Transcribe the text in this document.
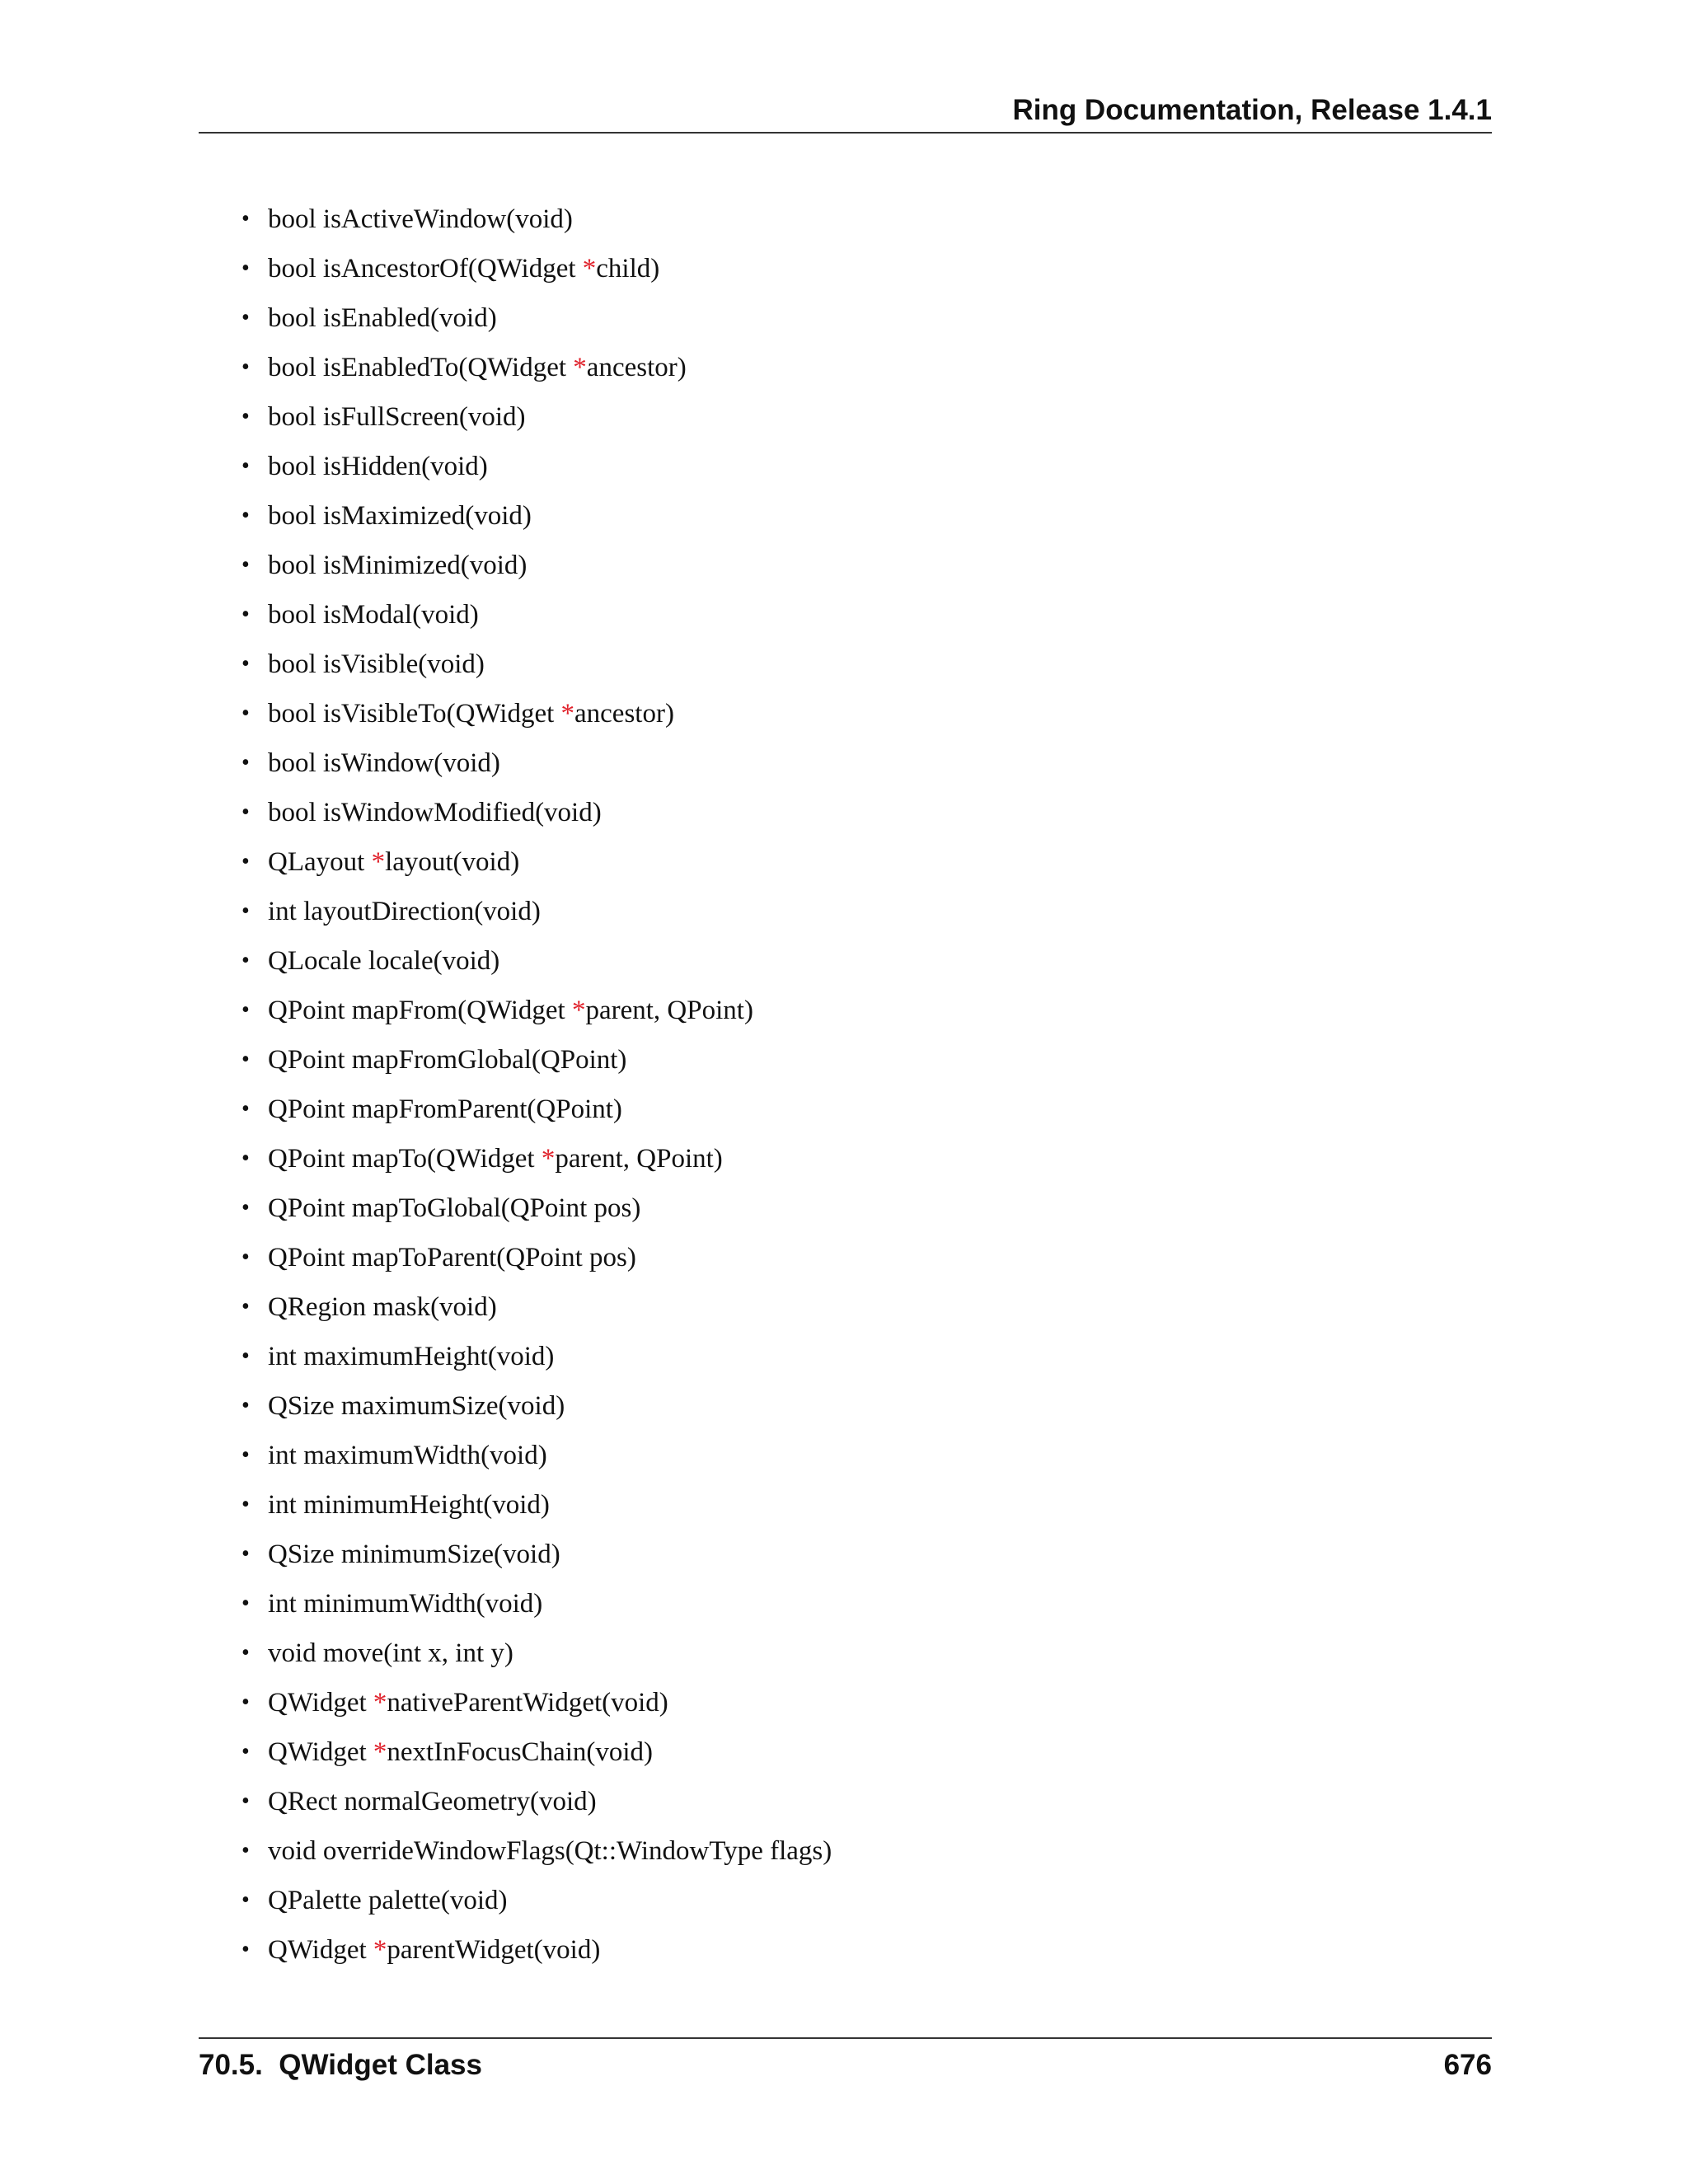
Ring Documentation, Release 1.4.1
• bool isActiveWindow(void)
• bool isAncestorOf(QWidget *child)
• bool isEnabled(void)
• bool isEnabledTo(QWidget *ancestor)
• bool isFullScreen(void)
• bool isHidden(void)
• bool isMaximized(void)
• bool isMinimized(void)
• bool isModal(void)
• bool isVisible(void)
• bool isVisibleTo(QWidget *ancestor)
• bool isWindow(void)
• bool isWindowModified(void)
• QLayout *layout(void)
• int layoutDirection(void)
• QLocale locale(void)
• QPoint mapFrom(QWidget *parent, QPoint)
• QPoint mapFromGlobal(QPoint)
• QPoint mapFromParent(QPoint)
• QPoint mapTo(QWidget *parent, QPoint)
• QPoint mapToGlobal(QPoint pos)
• QPoint mapToParent(QPoint pos)
• QRegion mask(void)
• int maximumHeight(void)
• QSize maximumSize(void)
• int maximumWidth(void)
• int minimumHeight(void)
• QSize minimumSize(void)
• int minimumWidth(void)
• void move(int x, int y)
• QWidget *nativeParentWidget(void)
• QWidget *nextInFocusChain(void)
• QRect normalGeometry(void)
• void overrideWindowFlags(Qt::WindowType flags)
• QPalette palette(void)
• QWidget *parentWidget(void)
70.5.  QWidget Class	676
